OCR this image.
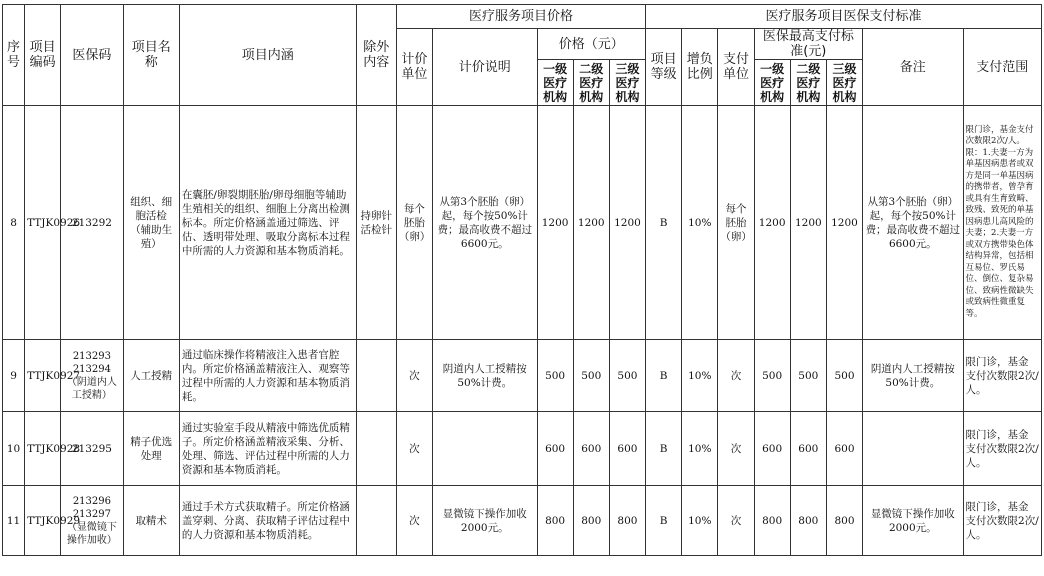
序号	项目编码	医保码	项目名称	项目内涵	除外内容	医疗服务项目价格					医疗服务项目医保支付标准							
						计价单位	计价说明	价格（元）			项目等级	增负比例	支付单位	医保最高支付标准(元)			备注	支付范围
								一级医疗机构	二级医疗机构	三级医疗机构				一级医疗机构	二级医疗机构	三级医疗机构		
8	TTJK0926	213292	组织、细胞活检（辅助生殖）	在囊胚/卵裂期胚胎/卵母细胞等辅助生殖相关的组织、细胞上分离出检测标本。所定价格涵盖通过筛选、评估、透明带处理、吸取分离标本过程中所需的人力资源和基本物质消耗。	持卵针活检针	每个胚胎（卵）	从第3个胚胎（卵）起，每个按50%计费；最高收费不超过6600元。	1200	1200	1200	B	10%	每个胚胎（卵）	1200	1200	1200	从第3个胚胎（卵）起，每个按50%计费；最高收费不超过6600元。	限门诊，基金支付次数限2次/人。限：1.夫妻一方为单基因病患者或双方是同一单基因病的携带者，曾孕育或具有生育致畸、致残、致死的单基因病患儿高风险的夫妻；2.夫妻一方或双方携带染色体结构异常，包括相互易位、罗氏易位、倒位、复杂易位、致病性微缺失或致病性微重复等。
9	TTJK0927	213293 213294（阴道内人工授精）	人工授精	通过临床操作将精液注入患者官腔内。所定价格涵盖精液注入、观察等过程中所需的人力资源和基本物质消耗。		次	阴道内人工授精按50%计费。	500	500	500	B	10%	次	500	500	500	阴道内人工授精按50%计费。	限门诊，基金支付次数限2次/人。
10	TTJK0928	213295	精子优选处理	通过实验室手段从精液中筛选优质精子。所定价格涵盖精液采集、分析、处理、筛选、评估过程中所需的人力资源和基本物质消耗。		次		600	600	600	B	10%	次	600	600	600		限门诊，基金支付次数限2次/人。
11	TTJK0929	213296 213297（显微镜下操作加收）	取精术	通过手术方式获取精子。所定价格涵盖穿刺、分离、获取精子评估过程中的人力资源和基本物质消耗。		次	显微镜下操作加收2000元。	800	800	800	B	10%	次	800	800	800	显微镜下操作加收2000元。	限门诊，基金支付次数限2次/人。
